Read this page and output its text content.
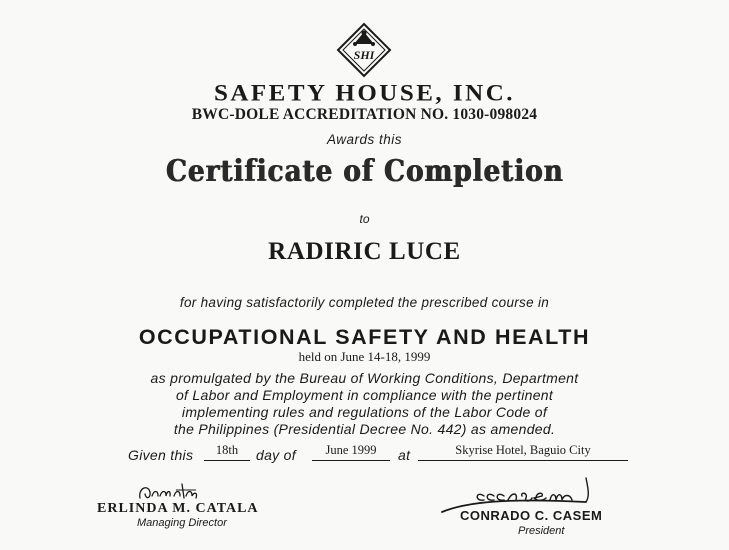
SHI
SAFETY HOUSE, INC.
BWC-DOLE ACCREDITATION NO. 1030-098024
Awards this
Certificate of Completion
to
RADIRIC LUCE
for having satisfactorily completed the prescribed course in
OCCUPATIONAL SAFETY AND HEALTH
held on June 14-18, 1999
as promulgated by the Bureau of Working Conditions, Department
of Labor and Employment in compliance with the pertinent
implementing rules and regulations of the Labor Code of
the Philippines (Presidential Decree No. 442) as amended.
Given this	18th	day of	June 1999	at	Skyrise Hotel, Baguio City
ERLINDA M. CATALA
Managing Director	CONRADO C. CASEM
President
